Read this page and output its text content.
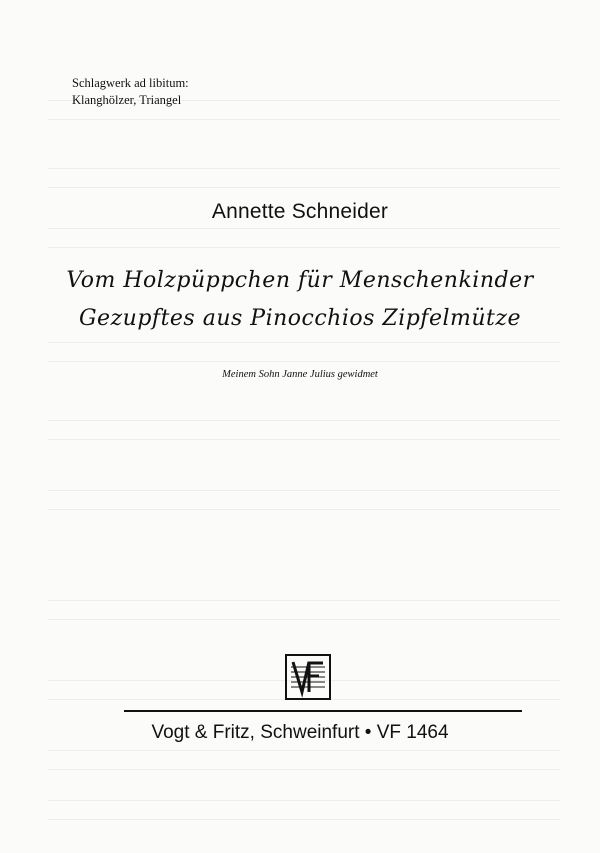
Schlagwerk ad libitum:
Klanghölzer, Triangel
Annette Schneider
Vom Holzpüppchen für Menschenkinder
Gezupftes aus Pinocchios Zipfelmütze
Meinem Sohn Janne Julius gewidmet
Vogt & Fritz, Schweinfurt • VF 1464
